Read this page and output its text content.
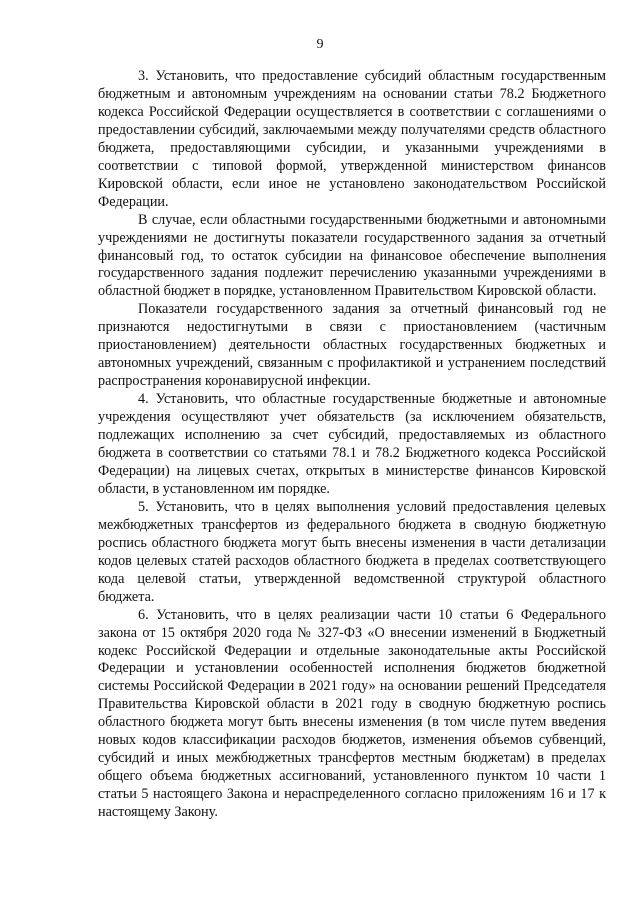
9

3. Установить, что предоставление субсидий областным государственным бюджетным и автономным учреждениям на основании статьи 78.2 Бюджетного кодекса Российской Федерации осуществляется в соответствии с соглашениями о предоставлении субсидий, заключаемыми между получателями средств областного бюджета, предоставляющими субсидии, и указанными учреждениями в соответствии с типовой формой, утвержденной министерством финансов Кировской области, если иное не установлено законодательством Российской Федерации.

В случае, если областными государственными бюджетными и автономными учреждениями не достигнуты показатели государственного задания за отчетный финансовый год, то остаток субсидии на финансовое обеспечение выполнения государственного задания подлежит перечислению указанными учреждениями в областной бюджет в порядке, установленном Правительством Кировской области.

Показатели государственного задания за отчетный финансовый год не признаются недостигнутыми в связи с приостановлением (частичным приостановлением) деятельности областных государственных бюджетных и автономных учреждений, связанным с профилактикой и устранением последствий распространения коронавирусной инфекции.

4. Установить, что областные государственные бюджетные и автономные учреждения осуществляют учет обязательств (за исключением обязательств, подлежащих исполнению за счет субсидий, предоставляемых из областного бюджета в соответствии со статьями 78.1 и 78.2 Бюджетного кодекса Российской Федерации) на лицевых счетах, открытых в министерстве финансов Кировской области, в установленном им порядке.

5. Установить, что в целях выполнения условий предоставления целевых межбюджетных трансфертов из федерального бюджета в сводную бюджетную роспись областного бюджета могут быть внесены изменения в части детализации кодов целевых статей расходов областного бюджета в пределах соответствующего кода целевой статьи, утвержденной ведомственной структурой областного бюджета.

6. Установить, что в целях реализации части 10 статьи 6 Федерального закона от 15 октября 2020 года № 327-ФЗ «О внесении изменений в Бюджетный кодекс Российской Федерации и отдельные законодательные акты Российской Федерации и установлении особенностей исполнения бюджетов бюджетной системы Российской Федерации в 2021 году» на основании решений Председателя Правительства Кировской области в 2021 году в сводную бюджетную роспись областного бюджета могут быть внесены изменения (в том числе путем введения новых кодов классификации расходов бюджетов, изменения объемов субвенций, субсидий и иных межбюджетных трансфертов местным бюджетам) в пределах общего объема бюджетных ассигнований, установленного пунктом 10 части 1 статьи 5 настоящего Закона и нераспределенного согласно приложениям 16 и 17 к настоящему Закону.
